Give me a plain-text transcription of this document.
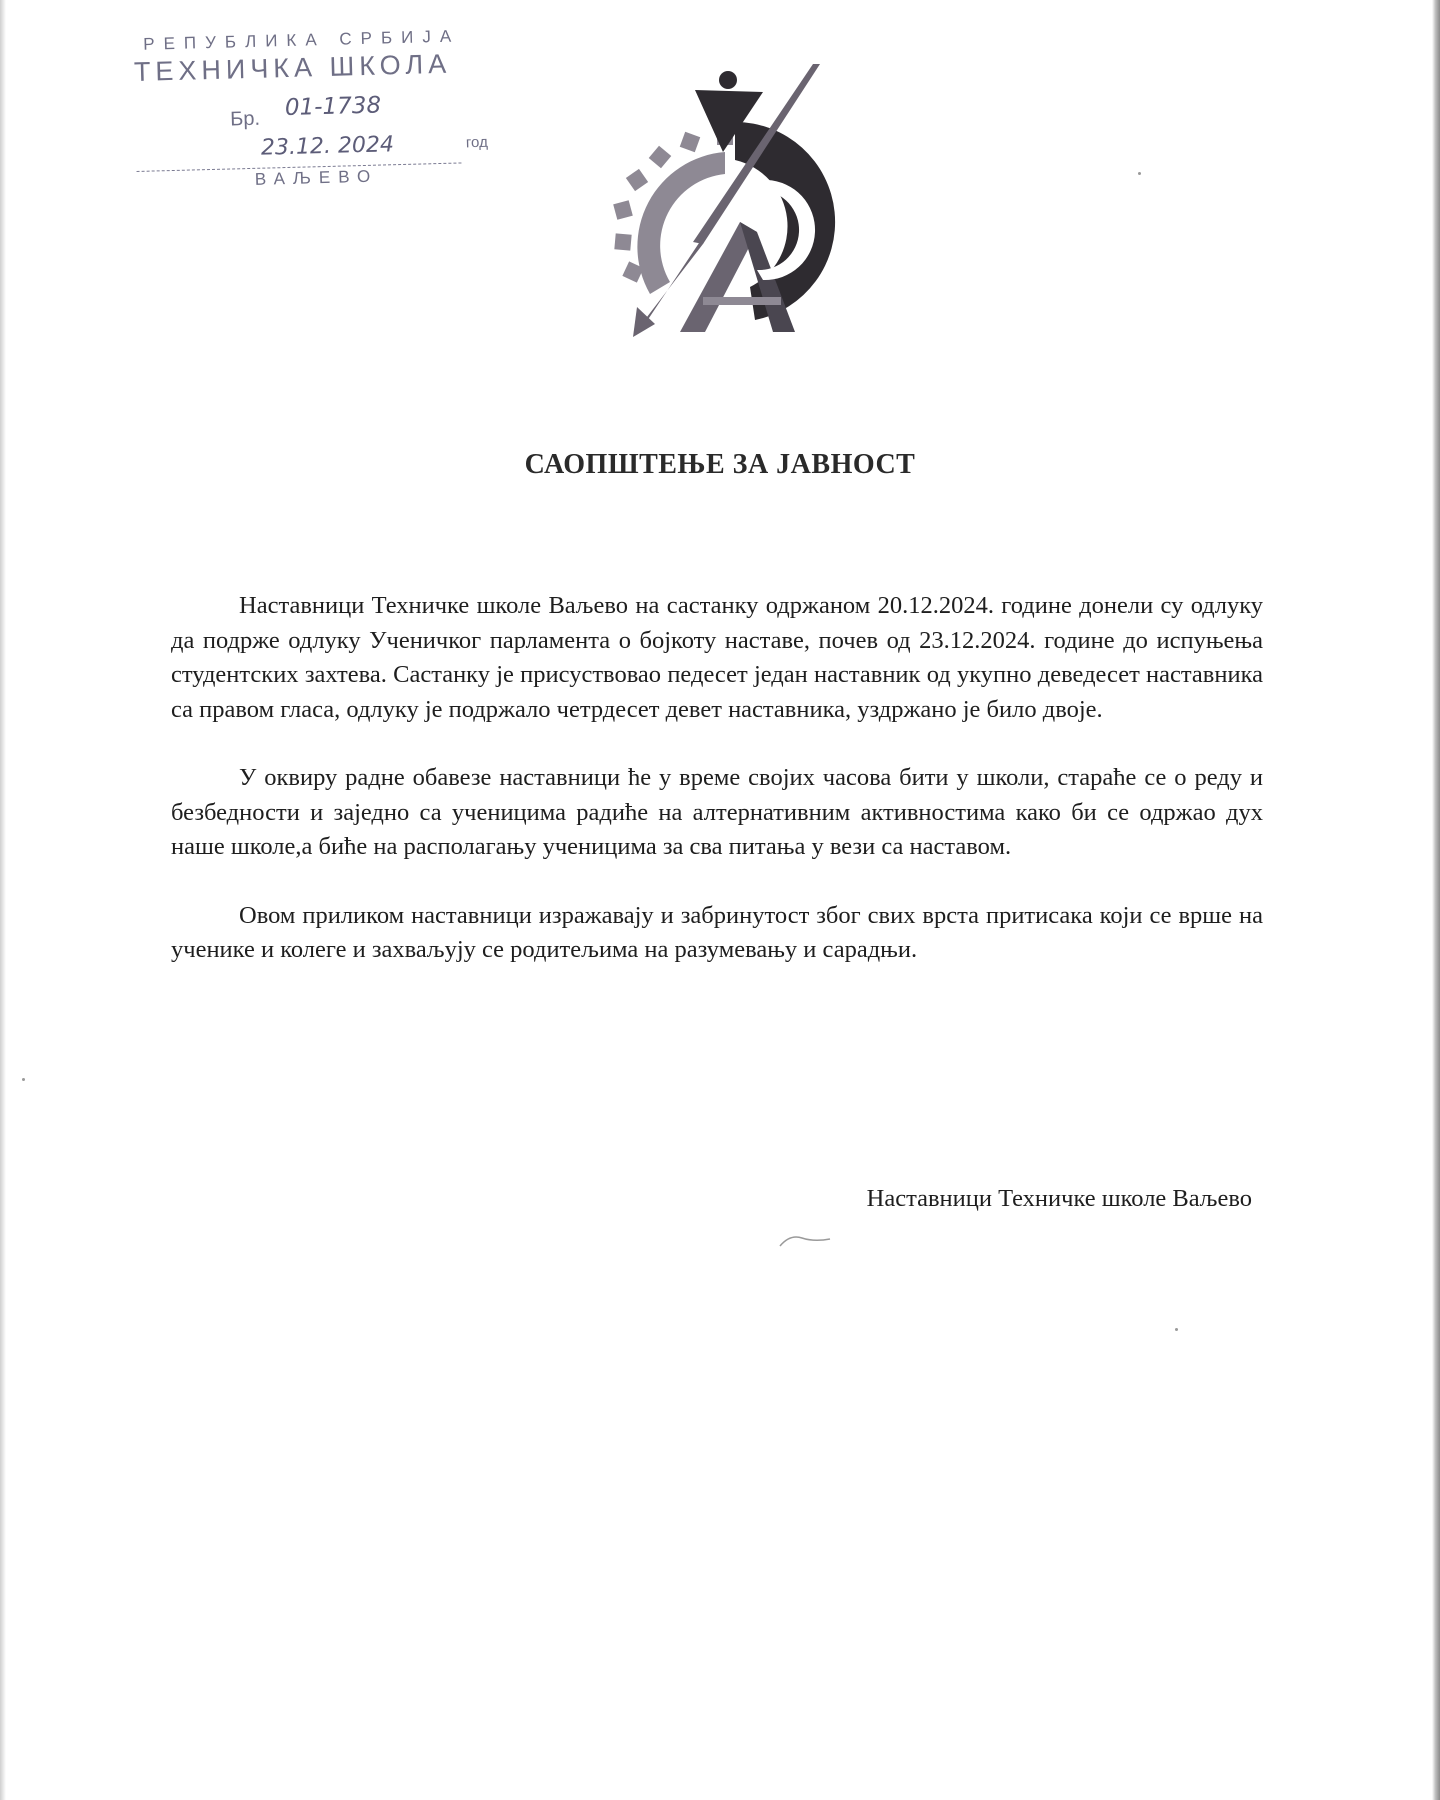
РЕПУБЛИКА СРБИЈА
ТЕХНИЧКА ШКОЛА
Бр. 01-1738
23.12. 2024	год
ВАЉЕВО
САОПШТЕЊЕ ЗА ЈАВНОСТ

Наставници Техничке школе Ваљево на састанку одржаном 20.12.2024. године донели су одлуку да подрже одлуку Ученичког парламента о бојкоту наставе, почев од 23.12.2024. године до испуњења студентских захтева. Састанку је присуствовао педесет један наставник од укупно деведесет наставника са правом гласа, одлуку је подржало четрдесет девет наставника, уздржано је било двоје.

У оквиру радне обавезе наставници ће у време својих часова бити у школи, стараће се о реду и безбедности и заједно са ученицима радиће на алтернативним активностима како би се одржао дух наше школе,а биће на располагању ученицима за сва питања у вези са наставом.

Овом приликом наставници изражавају и забринутост због свих врста притисака који се врше на ученике и колеге и захваљују се родитељима на разумевању и сарадњи.

Наставници Техничке школе Ваљево
